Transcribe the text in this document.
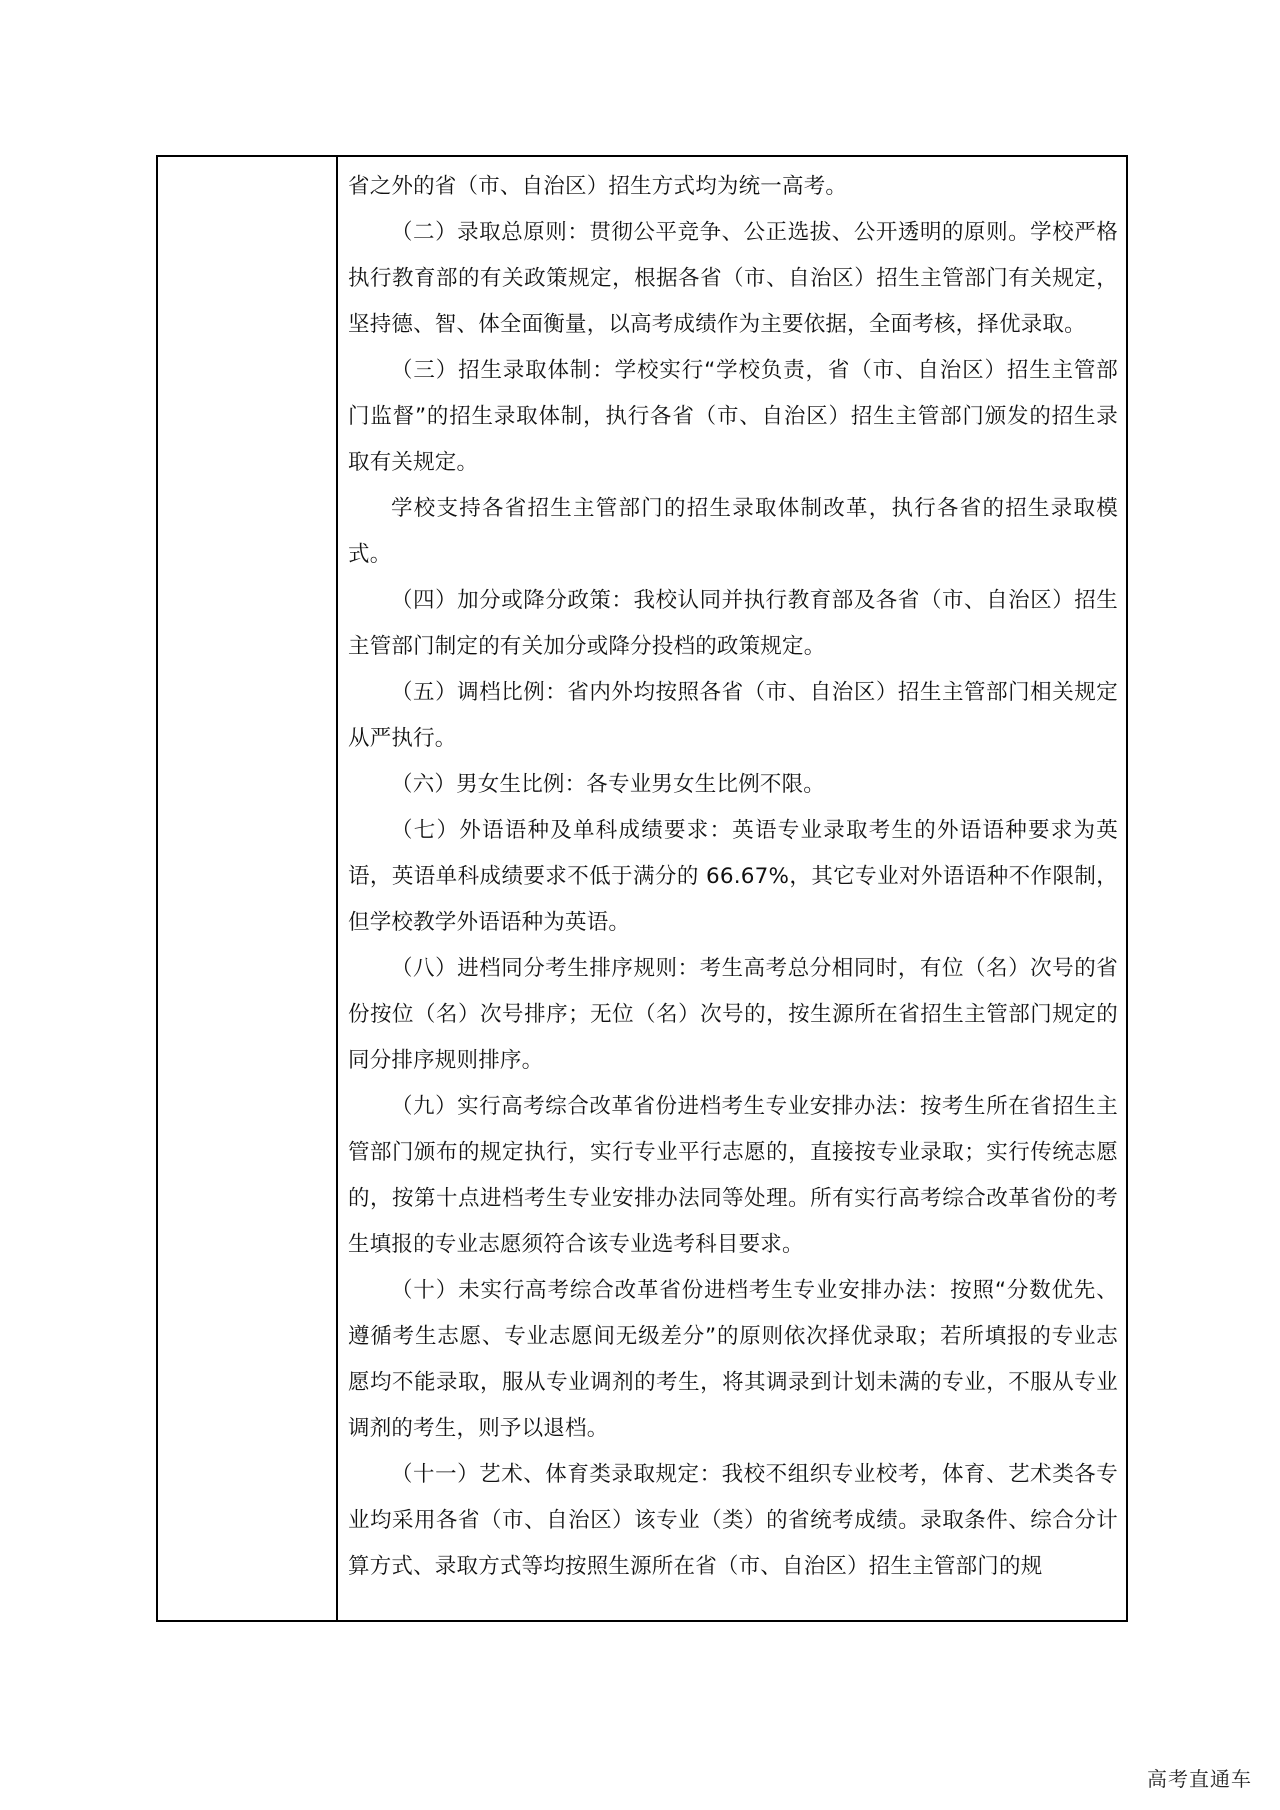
省之外的省（市、自治区）招生方式均为统一高考。

（二）录取总原则：贯彻公平竞争、公正选拔、公开透明的原则。学校严格执行教育部的有关政策规定，根据各省（市、自治区）招生主管部门有关规定，坚持德、智、体全面衡量，以高考成绩作为主要依据，全面考核，择优录取。

（三）招生录取体制：学校实行“学校负责，省（市、自治区）招生主管部门监督”的招生录取体制，执行各省（市、自治区）招生主管部门颁发的招生录取有关规定。

学校支持各省招生主管部门的招生录取体制改革，执行各省的招生录取模式。

（四）加分或降分政策：我校认同并执行教育部及各省（市、自治区）招生主管部门制定的有关加分或降分投档的政策规定。

（五）调档比例：省内外均按照各省（市、自治区）招生主管部门相关规定从严执行。

（六）男女生比例：各专业男女生比例不限。

（七）外语语种及单科成绩要求：英语专业录取考生的外语语种要求为英语，英语单科成绩要求不低于满分的 66.67%，其它专业对外语语种不作限制，但学校教学外语语种为英语。

（八）进档同分考生排序规则：考生高考总分相同时，有位（名）次号的省份按位（名）次号排序；无位（名）次号的，按生源所在省招生主管部门规定的同分排序规则排序。

（九）实行高考综合改革省份进档考生专业安排办法：按考生所在省招生主管部门颁布的规定执行，实行专业平行志愿的，直接按专业录取；实行传统志愿的，按第十点进档考生专业安排办法同等处理。所有实行高考综合改革省份的考生填报的专业志愿须符合该专业选考科目要求。

（十）未实行高考综合改革省份进档考生专业安排办法：按照“分数优先、遵循考生志愿、专业志愿间无级差分”的原则依次择优录取；若所填报的专业志愿均不能录取，服从专业调剂的考生，将其调录到计划未满的专业，不服从专业调剂的考生，则予以退档。

（十一）艺术、体育类录取规定：我校不组织专业校考，体育、艺术类各专业均采用各省（市、自治区）该专业（类）的省统考成绩。录取条件、综合分计算方式、录取方式等均按照生源所在省（市、自治区）招生主管部门的规

高考直通车
